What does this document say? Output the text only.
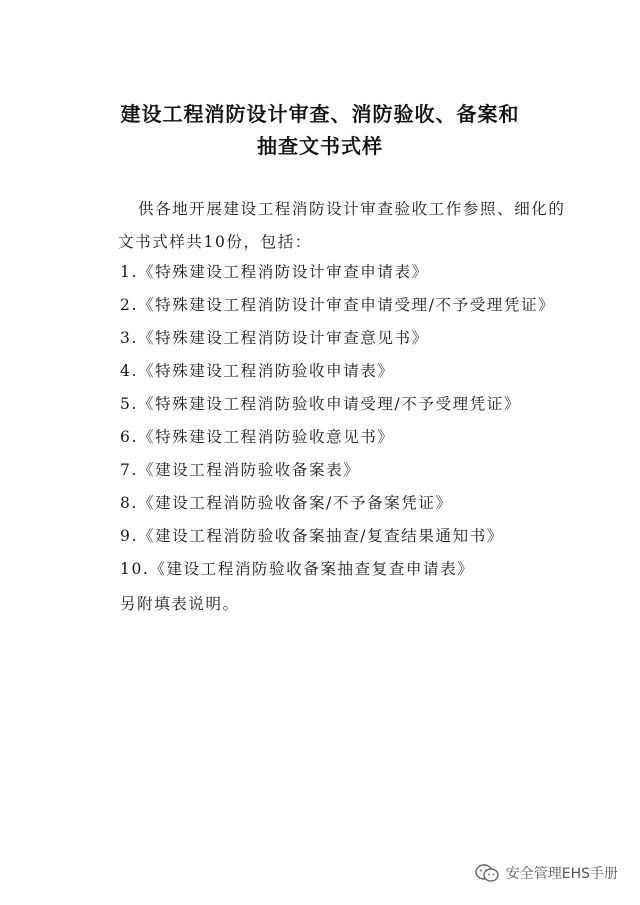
建设工程消防设计审查、消防验收、备案和
抽查文书式样
供各地开展建设工程消防设计审查验收工作参照、细化的
文书式样共10份，包括：
1.《特殊建设工程消防设计审查申请表》
2.《特殊建设工程消防设计审查申请受理/不予受理凭证》
3.《特殊建设工程消防设计审查意见书》
4.《特殊建设工程消防验收申请表》
5.《特殊建设工程消防验收申请受理/不予受理凭证》
6.《特殊建设工程消防验收意见书》
7.《建设工程消防验收备案表》
8.《建设工程消防验收备案/不予备案凭证》
9.《建设工程消防验收备案抽查/复查结果通知书》
10.《建设工程消防验收备案抽查复查申请表》
另附填表说明。
安全管理EHS手册
